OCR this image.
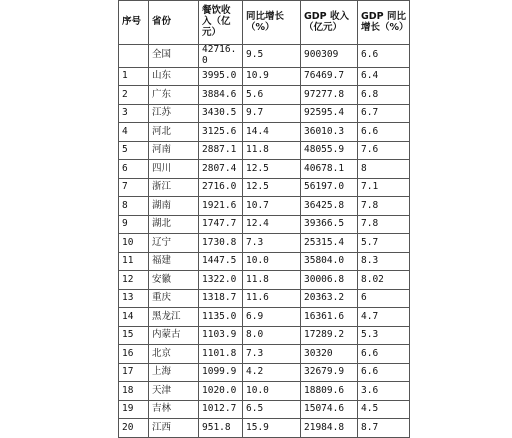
序号	省份	餐饮收入（亿元）	同比增长（%）	GDP 收入（亿元）	GDP 同比增长（%）
	全国	42716.0	9.5	900309	6.6
1	山东	3995.0	10.9	76469.7	6.4
2	广东	3884.6	5.6	97277.8	6.8
3	江苏	3430.5	9.7	92595.4	6.7
4	河北	3125.6	14.4	36010.3	6.6
5	河南	2887.1	11.8	48055.9	7.6
6	四川	2807.4	12.5	40678.1	8
7	浙江	2716.0	12.5	56197.0	7.1
8	湖南	1921.6	10.7	36425.8	7.8
9	湖北	1747.7	12.4	39366.5	7.8
10	辽宁	1730.8	7.3	25315.4	5.7
11	福建	1447.5	10.0	35804.0	8.3
12	安徽	1322.0	11.8	30006.8	8.02
13	重庆	1318.7	11.6	20363.2	6
14	黑龙江	1135.0	6.9	16361.6	4.7
15	内蒙古	1103.9	8.0	17289.2	5.3
16	北京	1101.8	7.3	30320	6.6
17	上海	1099.9	4.2	32679.9	6.6
18	天津	1020.0	10.0	18809.6	3.6
19	吉林	1012.7	6.5	15074.6	4.5
20	江西	951.8	15.9	21984.8	8.7
